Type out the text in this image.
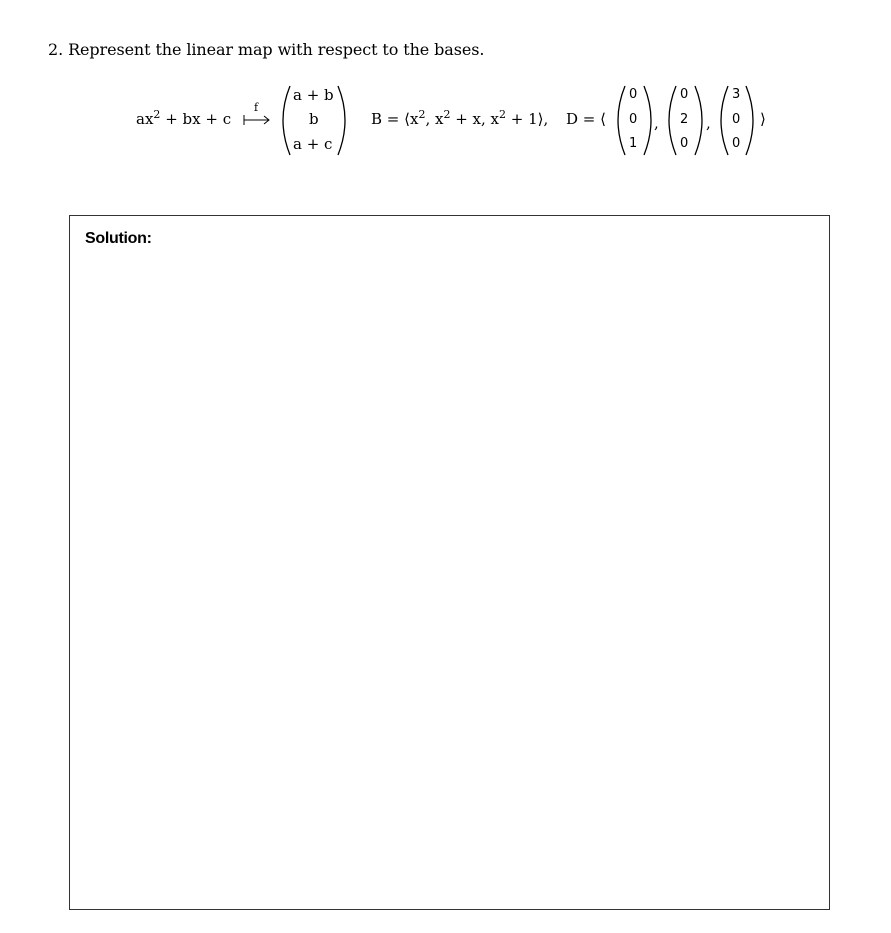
2. Represent the linear map with respect to the bases.
$ax^2$ + bx + c
f
a + b
b
a + c
$B = ⟨x^2$, $x^2 + x$, $x^2$ + 1⟩, D = ⟨
0
0
1
,
0
2
0
,
3
0
0
⟩
Solution:
